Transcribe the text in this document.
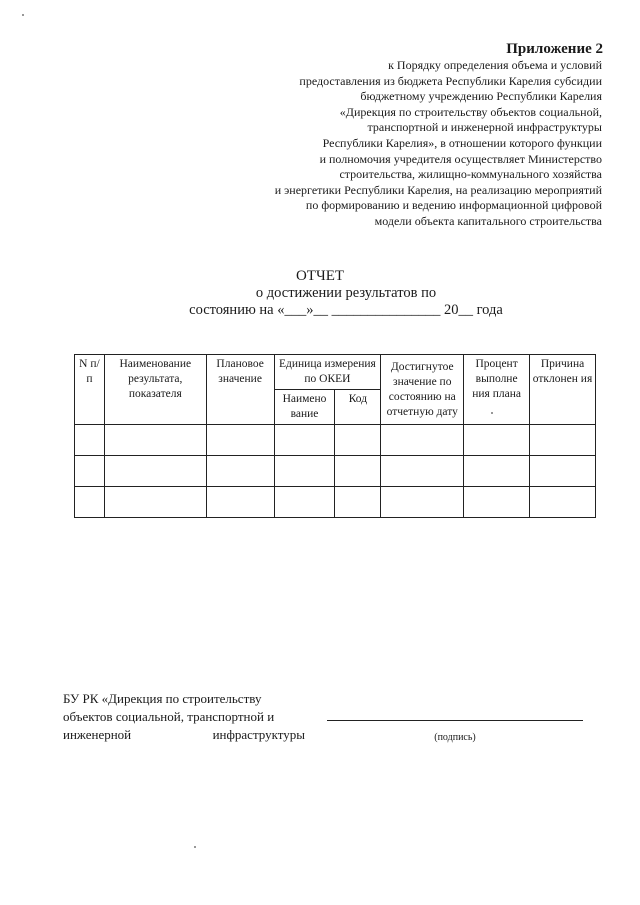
Приложение 2
к Порядку определения объема и условий
предоставления из бюджета Республики Карелия субсидии
бюджетному учреждению Республики Карелия
«Дирекция по строительству объектов социальной,
транспортной и инженерной инфраструктуры
Республики Карелия», в отношении которого функции
и полномочия учредителя осуществляет Министерство
строительства, жилищно-коммунального хозяйства
и энергетики Республики Карелия, на реализацию мероприятий
по формированию и ведению информационной цифровой
модели объекта капитального строительства
ОТЧЕТ
о достижении результатов по
состоянию на «___»__ _______________ 20__ года
N п/п	Наименование результата, показателя	Плановое значение	Единица измерения по ОКЕИ		Достигнутое значение по состоянию на отчетную дату	Процент выполне ния плана	Причина отклонен ия
			Наимено вание	Код			

БУ РК «Дирекция по строительству
объектов социальной, транспортной и
инженерной	инфраструктуры	(подпись)
